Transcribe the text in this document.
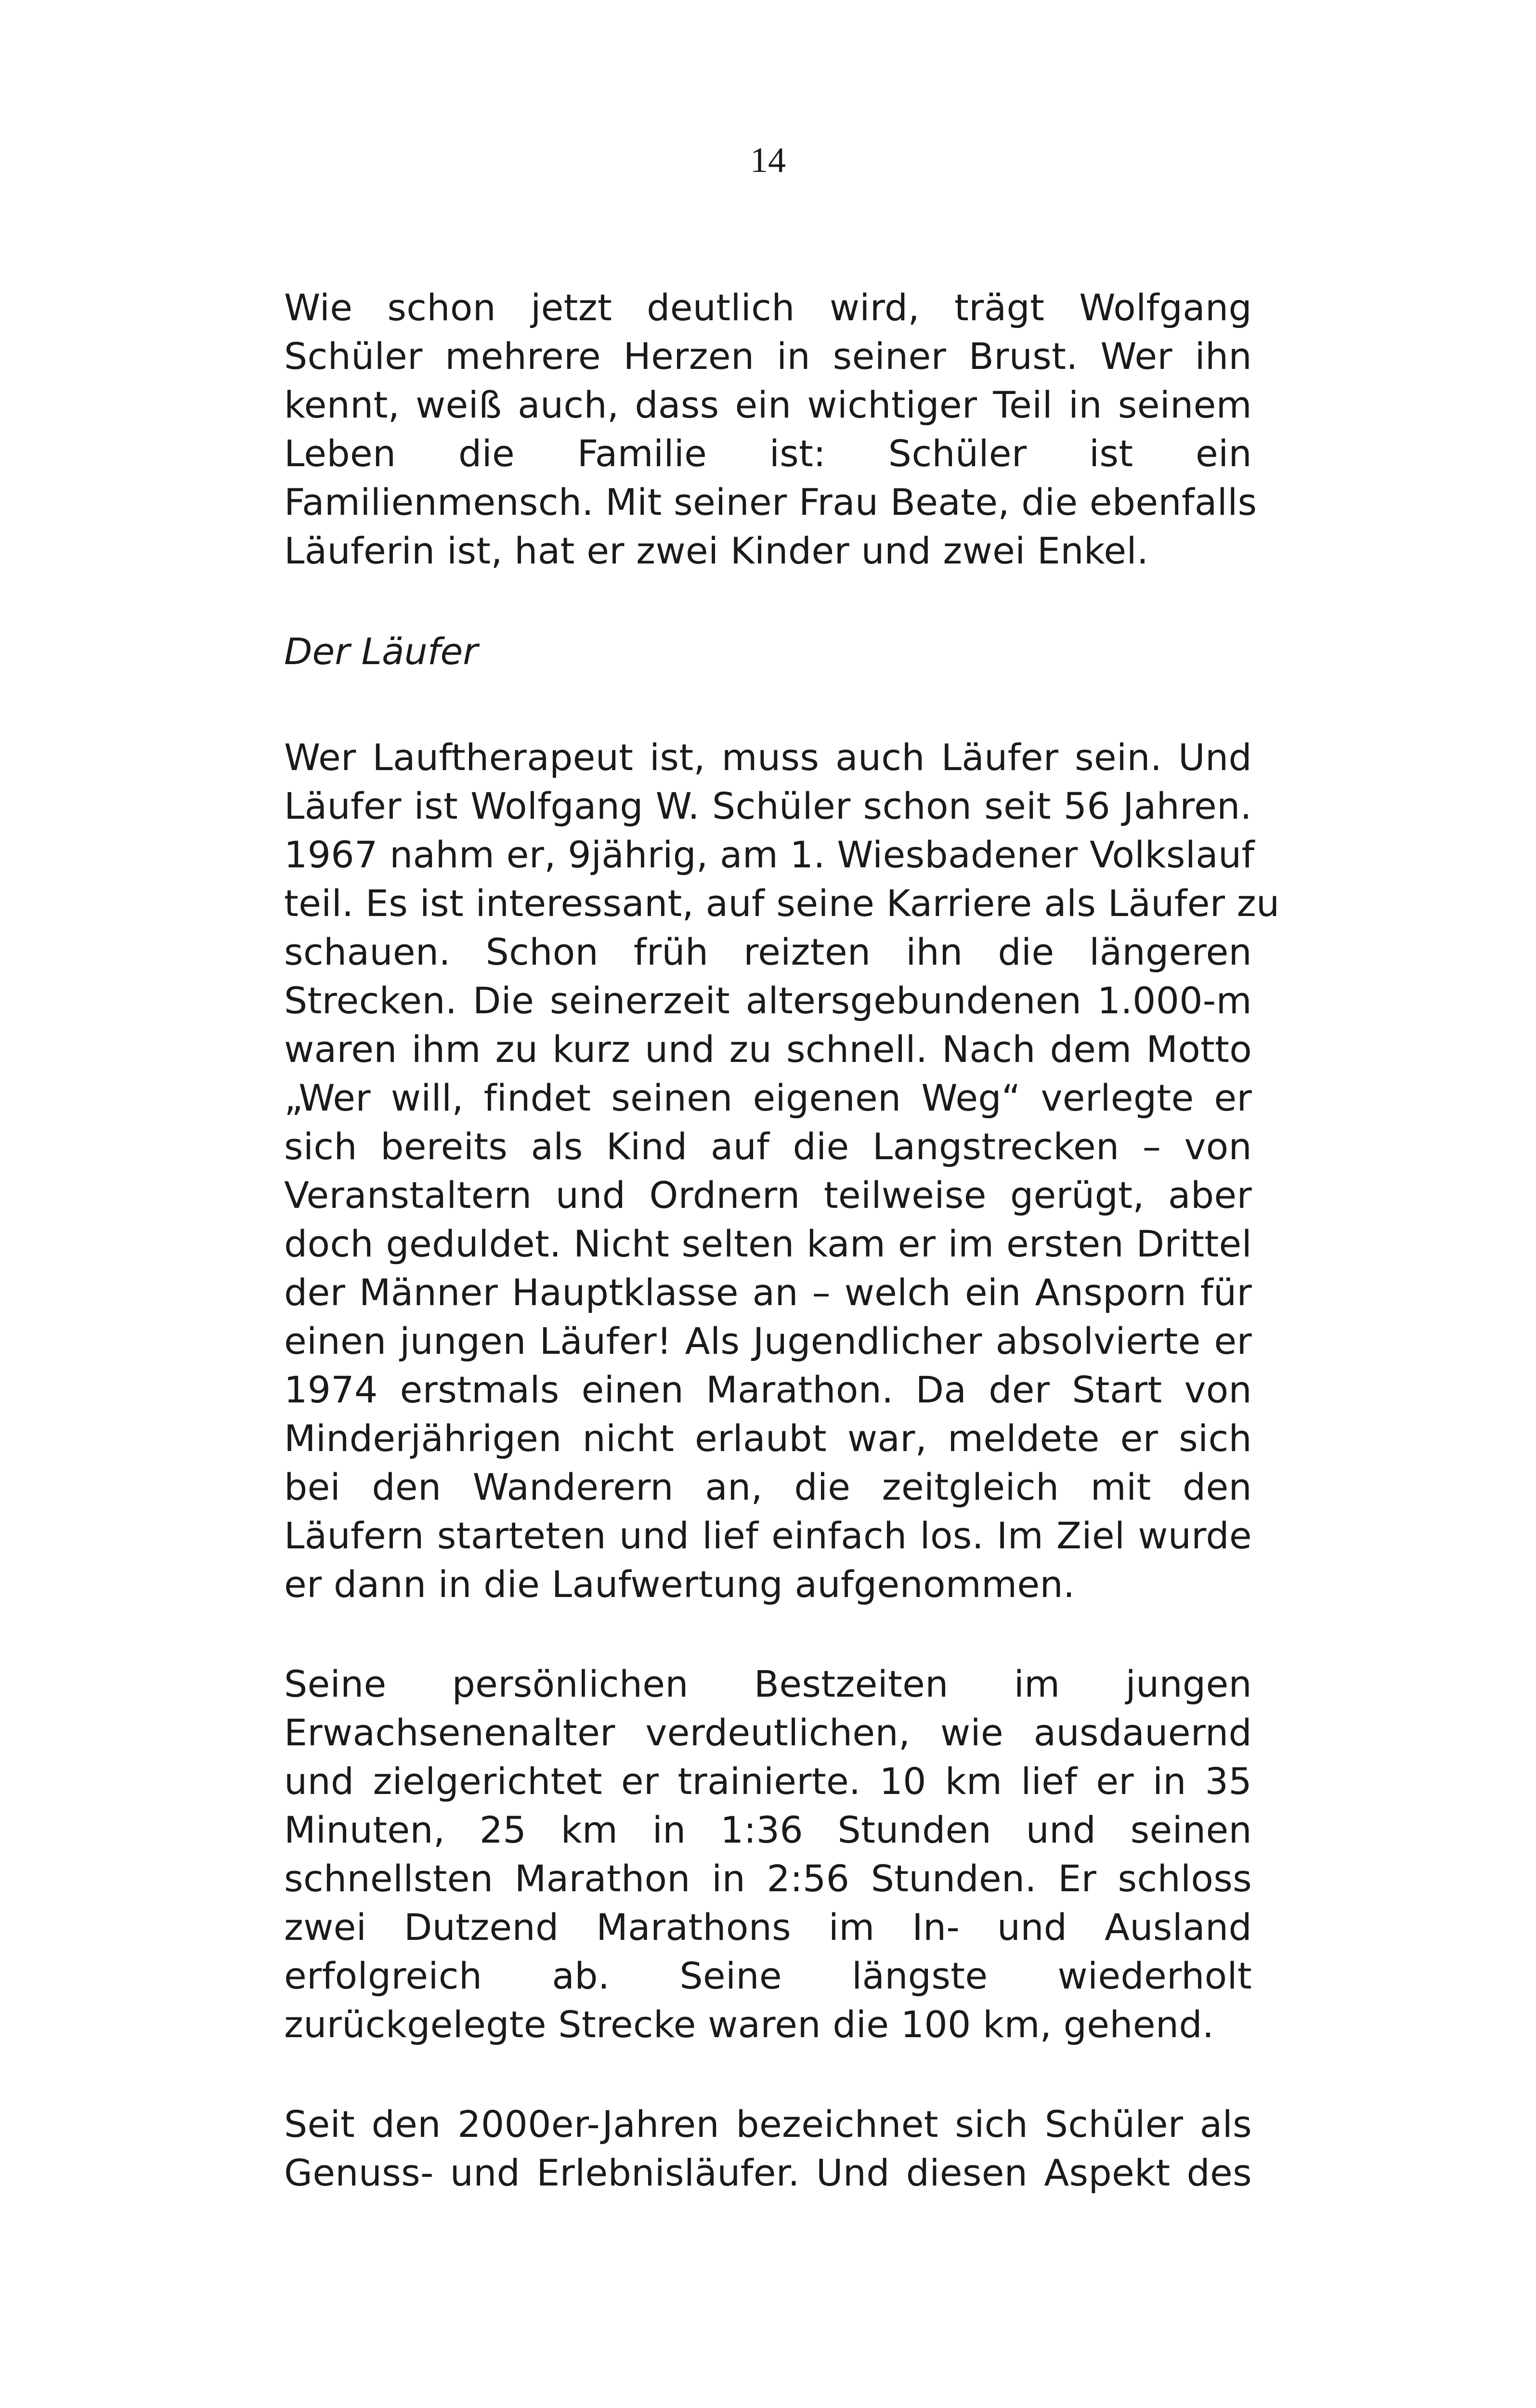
14
Wie schon jetzt deutlich wird, trägt Wolfgang
Schüler mehrere Herzen in seiner Brust. Wer ihn
kennt, weiß auch, dass ein wichtiger Teil in seinem
Leben die Familie ist: Schüler ist ein
Familienmensch. Mit seiner Frau Beate, die ebenfalls
Läuferin ist, hat er zwei Kinder und zwei Enkel.
Der Läufer
Wer Lauftherapeut ist, muss auch Läufer sein. Und
Läufer ist Wolfgang W. Schüler schon seit 56 Jahren.
1967 nahm er, 9jährig, am 1. Wiesbadener Volkslauf
teil. Es ist interessant, auf seine Karriere als Läufer zu
schauen. Schon früh reizten ihn die längeren
Strecken. Die seinerzeit altersgebundenen 1.000-m
waren ihm zu kurz und zu schnell. Nach dem Motto
„Wer will, findet seinen eigenen Weg“ verlegte er
sich bereits als Kind auf die Langstrecken – von
Veranstaltern und Ordnern teilweise gerügt, aber
doch geduldet. Nicht selten kam er im ersten Drittel
der Männer Hauptklasse an – welch ein Ansporn für
einen jungen Läufer! Als Jugendlicher absolvierte er
1974 erstmals einen Marathon. Da der Start von
Minderjährigen nicht erlaubt war, meldete er sich
bei den Wanderern an, die zeitgleich mit den
Läufern starteten und lief einfach los. Im Ziel wurde
er dann in die Laufwertung aufgenommen.
Seine persönlichen Bestzeiten im jungen
Erwachsenenalter verdeutlichen, wie ausdauernd
und zielgerichtet er trainierte. 10 km lief er in 35
Minuten, 25 km in 1:36 Stunden und seinen
schnellsten Marathon in 2:56 Stunden. Er schloss
zwei Dutzend Marathons im In- und Ausland
erfolgreich ab. Seine längste wiederholt
zurückgelegte Strecke waren die 100 km, gehend.
Seit den 2000er-Jahren bezeichnet sich Schüler als
Genuss- und Erlebnisläufer. Und diesen Aspekt des
